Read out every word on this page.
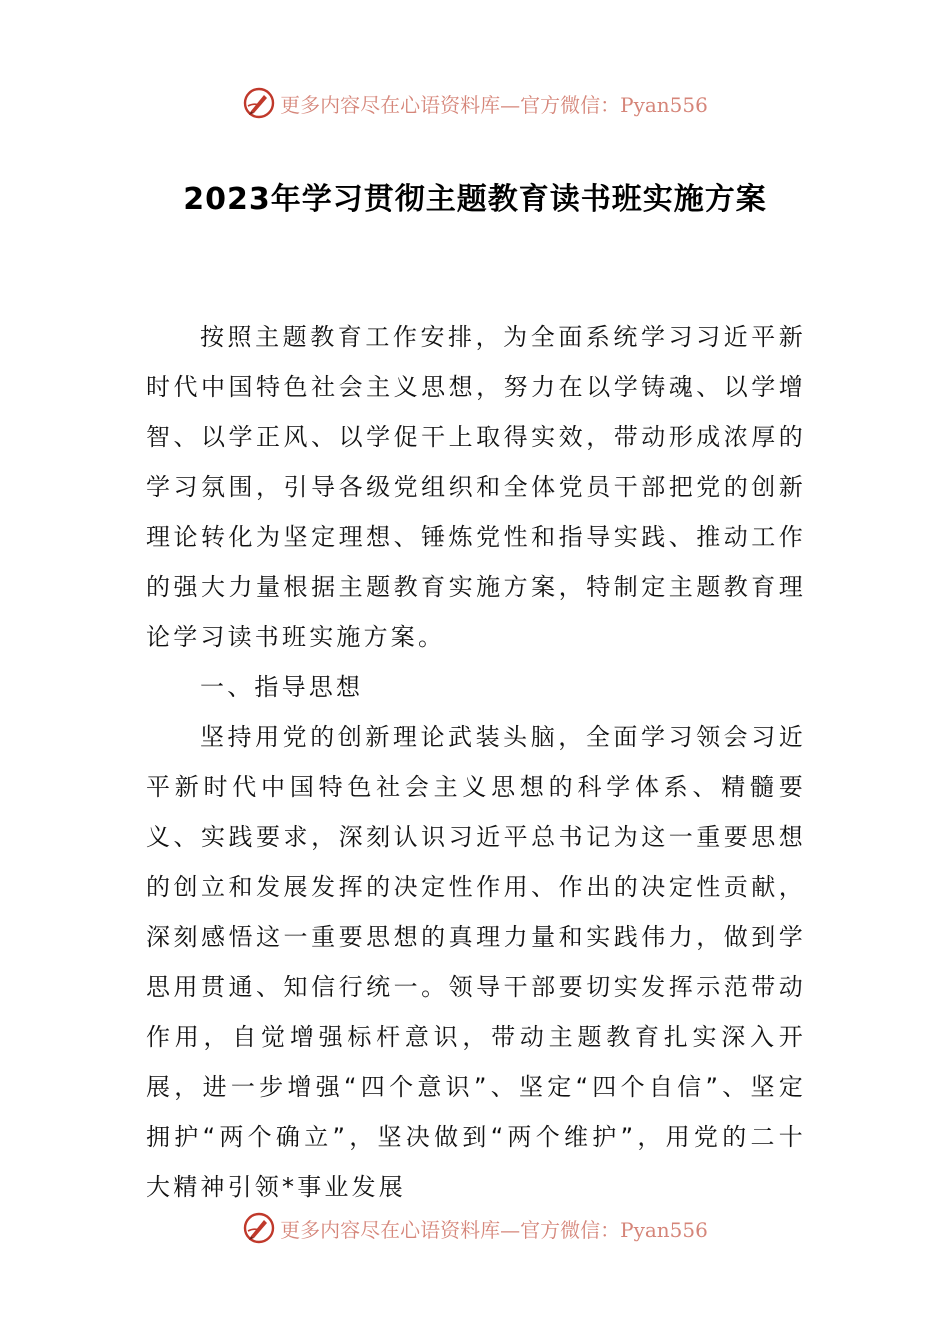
更多内容尽在心语资料库—官方微信：Pyan556
2023年学习贯彻主题教育读书班实施方案

按照主题教育工作安排，为全面系统学习习近平新时代中国特色社会主义思想，努力在以学铸魂、以学增智、以学正风、以学促干上取得实效，带动形成浓厚的学习氛围，引导各级党组织和全体党员干部把党的创新理论转化为坚定理想、锤炼党性和指导实践、推动工作的强大力量根据主题教育实施方案，特制定主题教育理论学习读书班实施方案。

一、指导思想

坚持用党的创新理论武装头脑，全面学习领会习近平新时代中国特色社会主义思想的科学体系、精髓要义、实践要求，深刻认识习近平总书记为这一重要思想的创立和发展发挥的决定性作用、作出的决定性贡献，深刻感悟这一重要思想的真理力量和实践伟力，做到学思用贯通、知信行统一。领导干部要切实发挥示范带动作用，自觉增强标杆意识，带动主题教育扎实深入开展，进一步增强“四个意识”、坚定“四个自信”、坚定拥护“两个确立”，坚决做到“两个维护”，用党的二十大精神引领*事业发展

更多内容尽在心语资料库—官方微信：Pyan556
